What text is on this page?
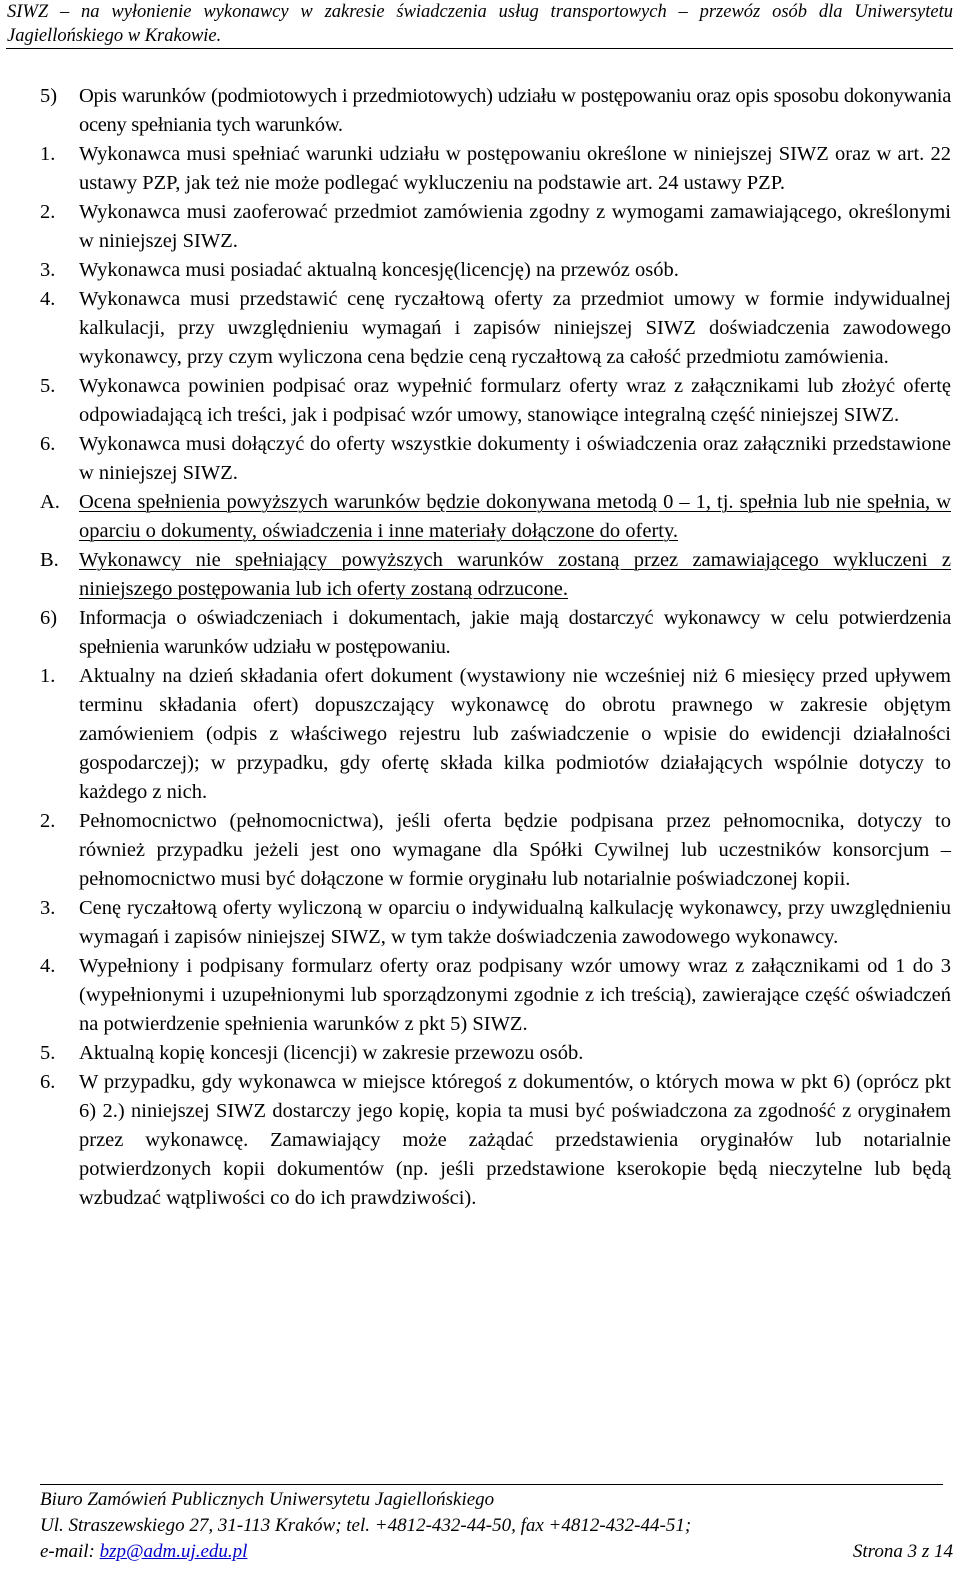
SIWZ – na wyłonienie wykonawcy w zakresie świadczenia usług transportowych – przewóz osób dla Uniwersytetu Jagiellońskiego w Krakowie.
5)	Opis warunków (podmiotowych i przedmiotowych) udziału w postępowaniu oraz opis sposobu dokonywania oceny spełniania tych warunków.
1.	Wykonawca musi spełniać warunki udziału w postępowaniu określone w niniejszej SIWZ oraz w art. 22 ustawy PZP, jak też nie może podlegać wykluczeniu na podstawie art. 24 ustawy PZP.
2.	Wykonawca musi zaoferować przedmiot zamówienia zgodny z wymogami zamawiającego, określonymi w niniejszej SIWZ.
3.	Wykonawca musi posiadać aktualną koncesję(licencję) na przewóz osób.
4.	Wykonawca musi przedstawić cenę ryczałtową oferty za przedmiot umowy w formie indywidualnej kalkulacji, przy uwzględnieniu wymagań i zapisów niniejszej SIWZ doświadczenia zawodowego wykonawcy, przy czym wyliczona cena będzie ceną ryczałtową za całość przedmiotu zamówienia.
5.	Wykonawca powinien podpisać oraz wypełnić formularz oferty wraz z załącznikami lub złożyć ofertę odpowiadającą ich treści, jak i podpisać wzór umowy, stanowiące integralną część niniejszej SIWZ.
6.	Wykonawca musi dołączyć do oferty wszystkie dokumenty i oświadczenia oraz załączniki przedstawione w niniejszej SIWZ.
A. Ocena spełnienia powyższych warunków będzie dokonywana metodą 0 – 1, tj. spełnia lub nie spełnia, w oparciu o dokumenty, oświadczenia i inne materiały dołączone do oferty.
B. Wykonawcy nie spełniający powyższych warunków zostaną przez zamawiającego wykluczeni z niniejszego postępowania lub ich oferty zostaną odrzucone.
6)	Informacja o oświadczeniach i dokumentach, jakie mają dostarczyć wykonawcy w celu potwierdzenia spełnienia warunków udziału w postępowaniu.
1.	Aktualny na dzień składania ofert dokument (wystawiony nie wcześniej niż 6 miesięcy przed upływem terminu składania ofert) dopuszczający wykonawcę do obrotu prawnego w zakresie objętym zamówieniem (odpis z właściwego rejestru lub zaświadczenie o wpisie do ewidencji działalności gospodarczej); w przypadku, gdy ofertę składa kilka podmiotów działających wspólnie dotyczy to każdego z nich.
2.	Pełnomocnictwo (pełnomocnictwa), jeśli oferta będzie podpisana przez pełnomocnika, dotyczy to również przypadku jeżeli jest ono wymagane dla Spółki Cywilnej lub uczestników konsorcjum – pełnomocnictwo musi być dołączone w formie oryginału lub notarialnie poświadczonej kopii.
3.	Cenę ryczałtową oferty wyliczoną w oparciu o indywidualną kalkulację wykonawcy, przy uwzględnieniu wymagań i zapisów niniejszej SIWZ, w tym także doświadczenia zawodowego wykonawcy.
4.	Wypełniony i podpisany formularz oferty oraz podpisany wzór umowy wraz z załącznikami od 1 do 3 (wypełnionymi i uzupełnionymi lub sporządzonymi zgodnie z ich treścią), zawierające część oświadczeń na potwierdzenie spełnienia warunków z pkt 5) SIWZ.
5.	Aktualną kopię koncesji (licencji) w zakresie przewozu osób.
6.	W przypadku, gdy wykonawca w miejsce któregoś z dokumentów, o których mowa w pkt 6) (oprócz pkt 6) 2.) niniejszej SIWZ dostarczy jego kopię, kopia ta musi być poświadczona za zgodność z oryginałem przez wykonawcę. Zamawiający może zażądać przedstawienia oryginałów lub notarialnie potwierdzonych kopii dokumentów (np. jeśli przedstawione kserokopie będą nieczytelne lub będą wzbudzać wątpliwości co do ich prawdziwości).
Biuro Zamówień Publicznych Uniwersytetu Jagiellońskiego
Ul. Straszewskiego 27, 31-113 Kraków; tel. +4812-432-44-50, fax +4812-432-44-51;
e-mail: bzp@adm.uj.edu.pl	Strona 3 z 14
